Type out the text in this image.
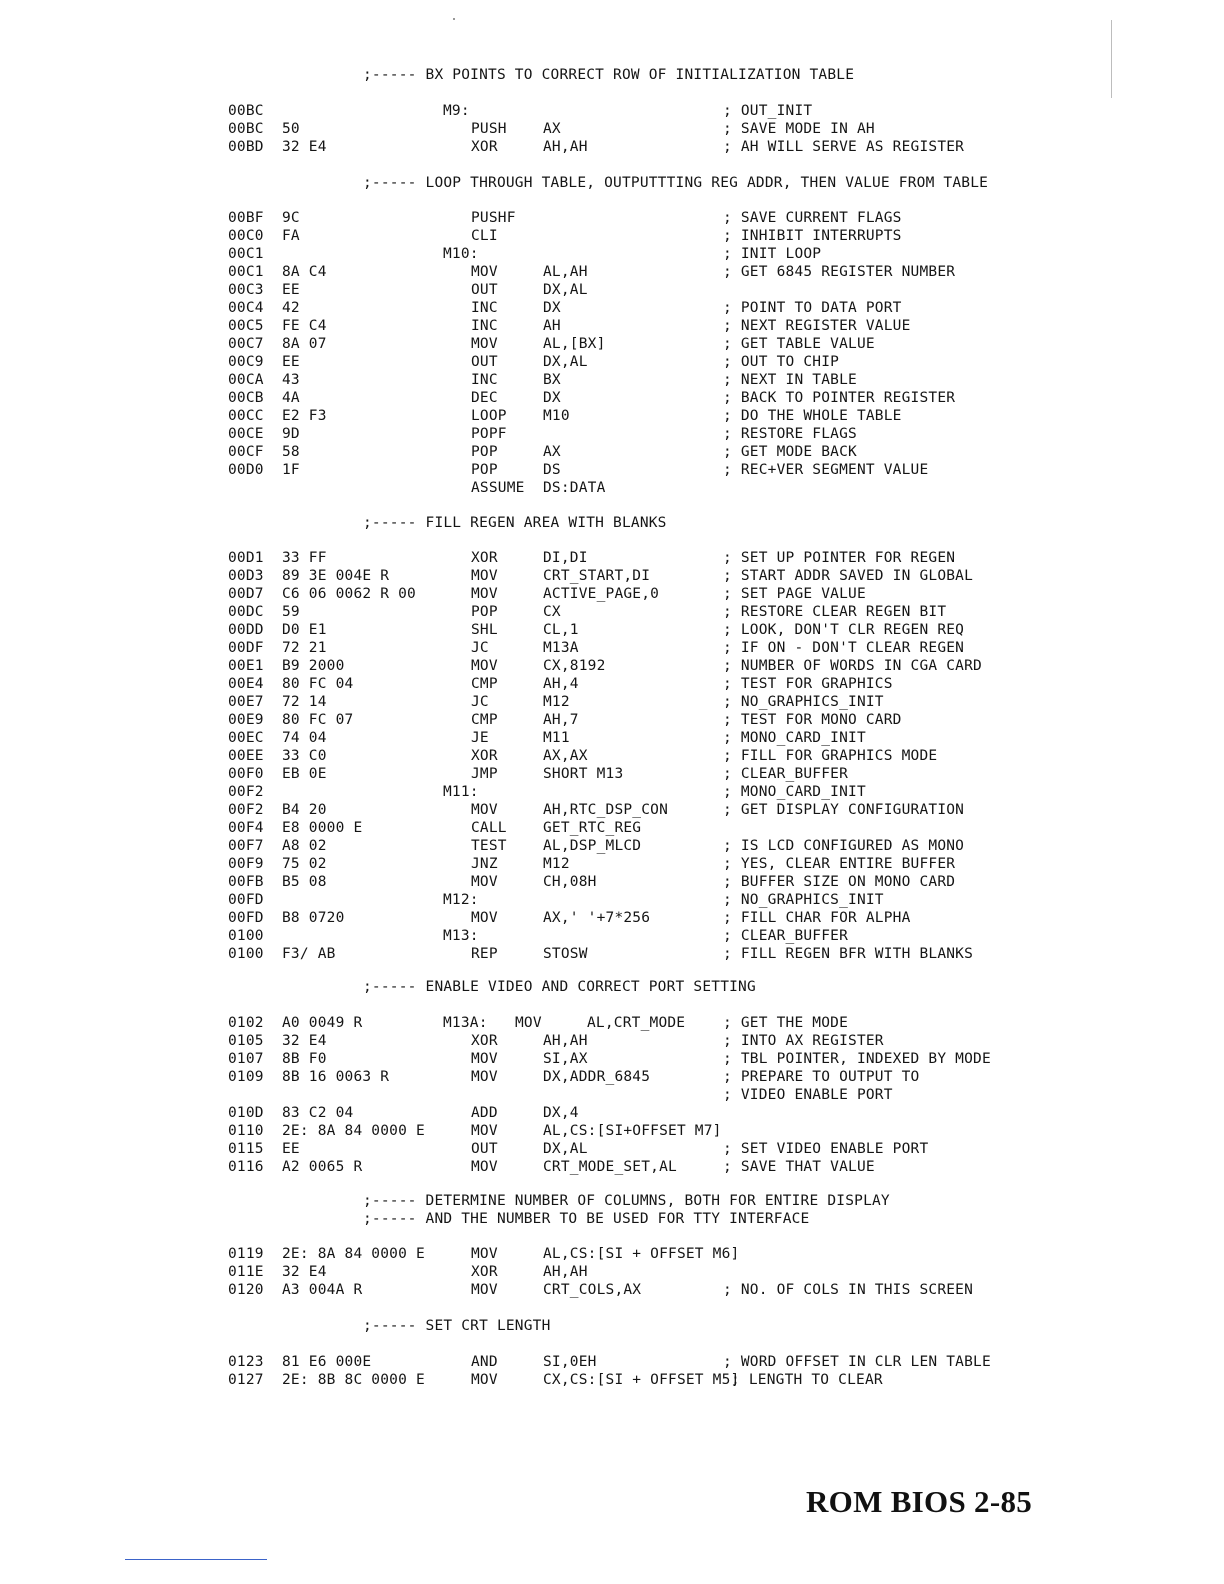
;----- BX POINTS TO CORRECT ROW OF INITIALIZATION TABLE
00BC	M9:	; OUT_INIT
00BC 50	PUSH	AX	; SAVE MODE IN AH
00BD 32 E4	XOR	AH,AH	; AH WILL SERVE AS REGISTER
;----- LOOP THROUGH TABLE, OUTPUTTTING REG ADDR, THEN VALUE FROM TABLE
00BF 9C	PUSHF	; SAVE CURRENT FLAGS
00C0 FA	CLI	; INHIBIT INTERRUPTS
00C1	M10:	; INIT LOOP
00C1 8A C4	MOV	AL,AH	; GET 6845 REGISTER NUMBER
00C3 EE	OUT	DX,AL
00C4 42	INC	DX	; POINT TO DATA PORT
00C5 FE C4	INC	AH	; NEXT REGISTER VALUE
00C7 8A 07	MOV	AL,[BX]	; GET TABLE VALUE
00C9 EE	OUT	DX,AL	; OUT TO CHIP
00CA 43	INC	BX	; NEXT IN TABLE
00CB 4A	DEC	DX	; BACK TO POINTER REGISTER
00CC E2 F3	LOOP	M10	; DO THE WHOLE TABLE
00CE 9D	POPF	; RESTORE FLAGS
00CF 58	POP	AX	; GET MODE BACK
00D0 1F	POP	DS	; REC+VER SEGMENT VALUE
ASSUME DS:DATA
;----- FILL REGEN AREA WITH BLANKS
00D1 33 FF	XOR	DI,DI	; SET UP POINTER FOR REGEN
00D3 89 3E 004E R	MOV	CRT_START,DI	; START ADDR SAVED IN GLOBAL
00D7 C6 06 0062 R 00	MOV	ACTIVE_PAGE,0	; SET PAGE VALUE
00DC 59	POP	CX	; RESTORE CLEAR REGEN BIT
00DD D0 E1	SHL	CL,1	; LOOK, DON'T CLR REGEN REQ
00DF 72 21	JC	M13A	; IF ON - DON'T CLEAR REGEN
00E1 B9 2000	MOV	CX,8192	; NUMBER OF WORDS IN CGA CARD
00E4 80 FC 04	CMP	AH,4	; TEST FOR GRAPHICS
00E7 72 14	JC	M12	; NO_GRAPHICS_INIT
00E9 80 FC 07	CMP	AH,7	; TEST FOR MONO CARD
00EC 74 04	JE	M11	; MONO_CARD_INIT
00EE 33 C0	XOR	AX,AX	; FILL FOR GRAPHICS MODE
00F0 EB 0E	JMP	SHORT M13	; CLEAR_BUFFER
00F2	M11:	; MONO_CARD_INIT
00F2 B4 20	MOV	AH,RTC_DSP_CON	; GET DISPLAY CONFIGURATION
00F4 E8 0000 E	CALL	GET_RTC_REG
00F7 A8 02	TEST	AL,DSP_MLCD	; IS LCD CONFIGURED AS MONO
00F9 75 02	JNZ	M12	; YES, CLEAR ENTIRE BUFFER
00FB B5 08	MOV	CH,08H	; BUFFER SIZE ON MONO CARD
00FD	M12:	; NO_GRAPHICS_INIT
00FD B8 0720	MOV	AX,' '+7*256	; FILL CHAR FOR ALPHA
0100	M13:	; CLEAR_BUFFER
0100 F3/ AB	REP	STOSW	; FILL REGEN BFR WITH BLANKS
;----- ENABLE VIDEO AND CORRECT PORT SETTING
0102 A0 0049 R	M13A: MOV	AL,CRT_MODE	; GET THE MODE
0105 32 E4	XOR	AH,AH	; INTO AX REGISTER
0107 8B F0	MOV	SI,AX	; TBL POINTER, INDEXED BY MODE
0109 8B 16 0063 R	MOV	DX,ADDR_6845	; PREPARE TO OUTPUT TO
; VIDEO ENABLE PORT
010D 83 C2 04	ADD	DX,4
0110 2E: 8A 84 0000 E	MOV	AL,CS:[SI+OFFSET M7]
0115 EE	OUT	DX,AL	; SET VIDEO ENABLE PORT
0116 A2 0065 R	MOV	CRT_MODE_SET,AL	; SAVE THAT VALUE
;----- DETERMINE NUMBER OF COLUMNS, BOTH FOR ENTIRE DISPLAY
;----- AND THE NUMBER TO BE USED FOR TTY INTERFACE
0119 2E: 8A 84 0000 E	MOV	AL,CS:[SI + OFFSET M6]
011E 32 E4	XOR	AH,AH
0120 A3 004A R	MOV	CRT_COLS,AX	; NO. OF COLS IN THIS SCREEN
;----- SET CRT LENGTH
0123 81 E6 000E	AND	SI,0EH	; WORD OFFSET IN CLR LEN TABLE
0127 2E: 8B 8C 0000 E	MOV	CX,CS:[SI + OFFSET M5]
; LENGTH TO CLEAR
ROM BIOS 2-85
